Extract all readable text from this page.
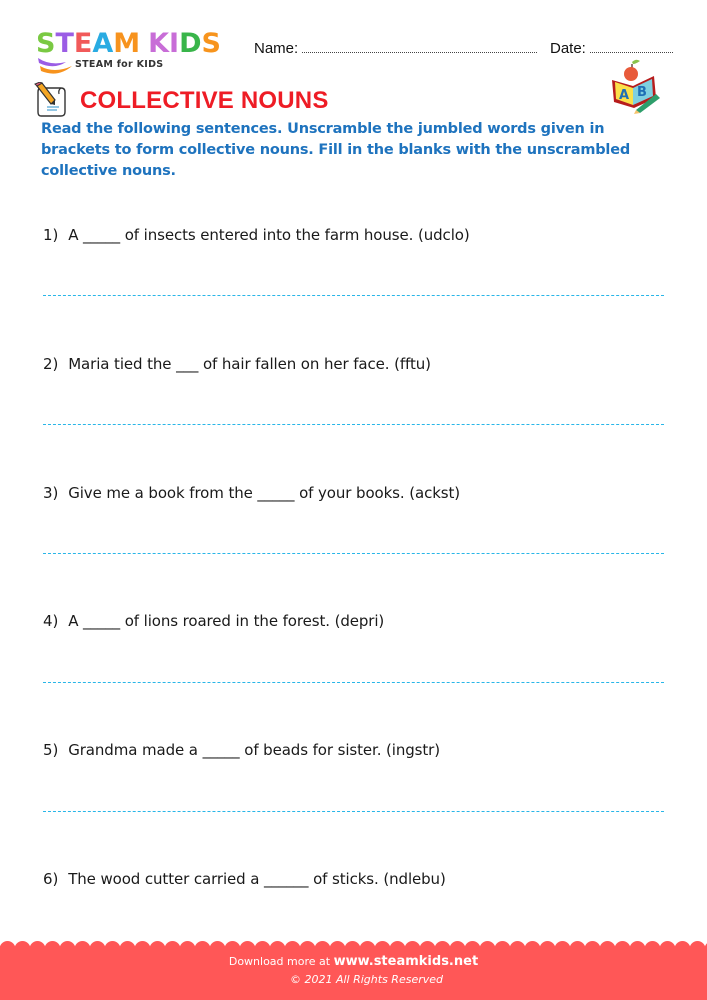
STEAM KIDS
STEAM for KIDS
Name:	Date:
A B
COLLECTIVE NOUNS
Read the following sentences. Unscramble the jumbled words given in brackets to form collective nouns. Fill in the blanks with the unscrambled collective nouns.
1) A _____ of insects entered into the farm house. (udclo)
2) Maria tied the ___ of hair fallen on her face. (fftu)
3) Give me a book from the _____ of your books. (ackst)
4) A _____ of lions roared in the forest. (depri)
5) Grandma made a _____ of beads for sister. (ingstr)
6) The wood cutter carried a ______ of sticks. (ndlebu)
Download more at www.steamkids.net
© 2021 All Rights Reserved
